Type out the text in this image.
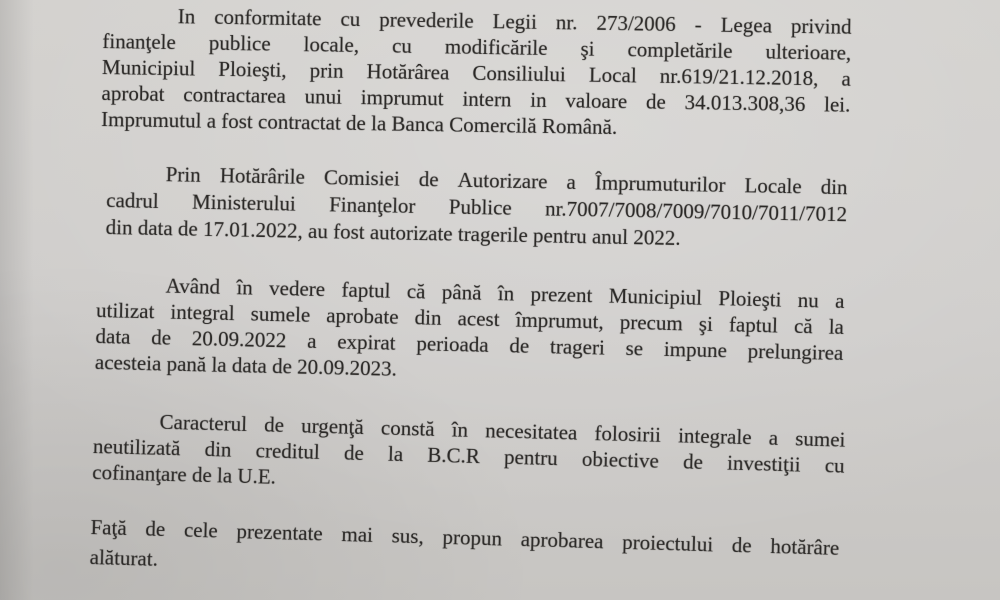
In conformitate cu prevederile Legii nr. 273/2006 - Legea privind
finanţele publice locale, cu modificările şi completările ulterioare,
Municipiul Ploieşti, prin Hotărârea Consiliului Local nr.619/21.12.2018, a
aprobat contractarea unui imprumut intern in valoare de 34.013.308,36 lei.
Imprumutul a fost contractat de la Banca Comercilă Română.
Prin Hotărârile Comisiei de Autorizare a Împrumuturilor Locale din
cadrul Ministerului Finanţelor Publice nr.7007/7008/7009/7010/7011/7012
din data de 17.01.2022, au fost autorizate tragerile pentru anul 2022.
Având în vedere faptul că până în prezent Municipiul Ploieşti nu a
utilizat integral sumele aprobate din acest împrumut, precum şi faptul că la
data de 20.09.2022 a expirat perioada de trageri se impune prelungirea
acesteia pană la data de 20.09.2023.
Caracterul de urgenţă constă în necesitatea folosirii integrale a sumei
neutilizată din creditul de la B.C.R pentru obiective de investiţii cu
cofinanţare de la U.E.
Faţă de cele prezentate mai sus, propun aprobarea proiectului de hotărâre
alăturat.
